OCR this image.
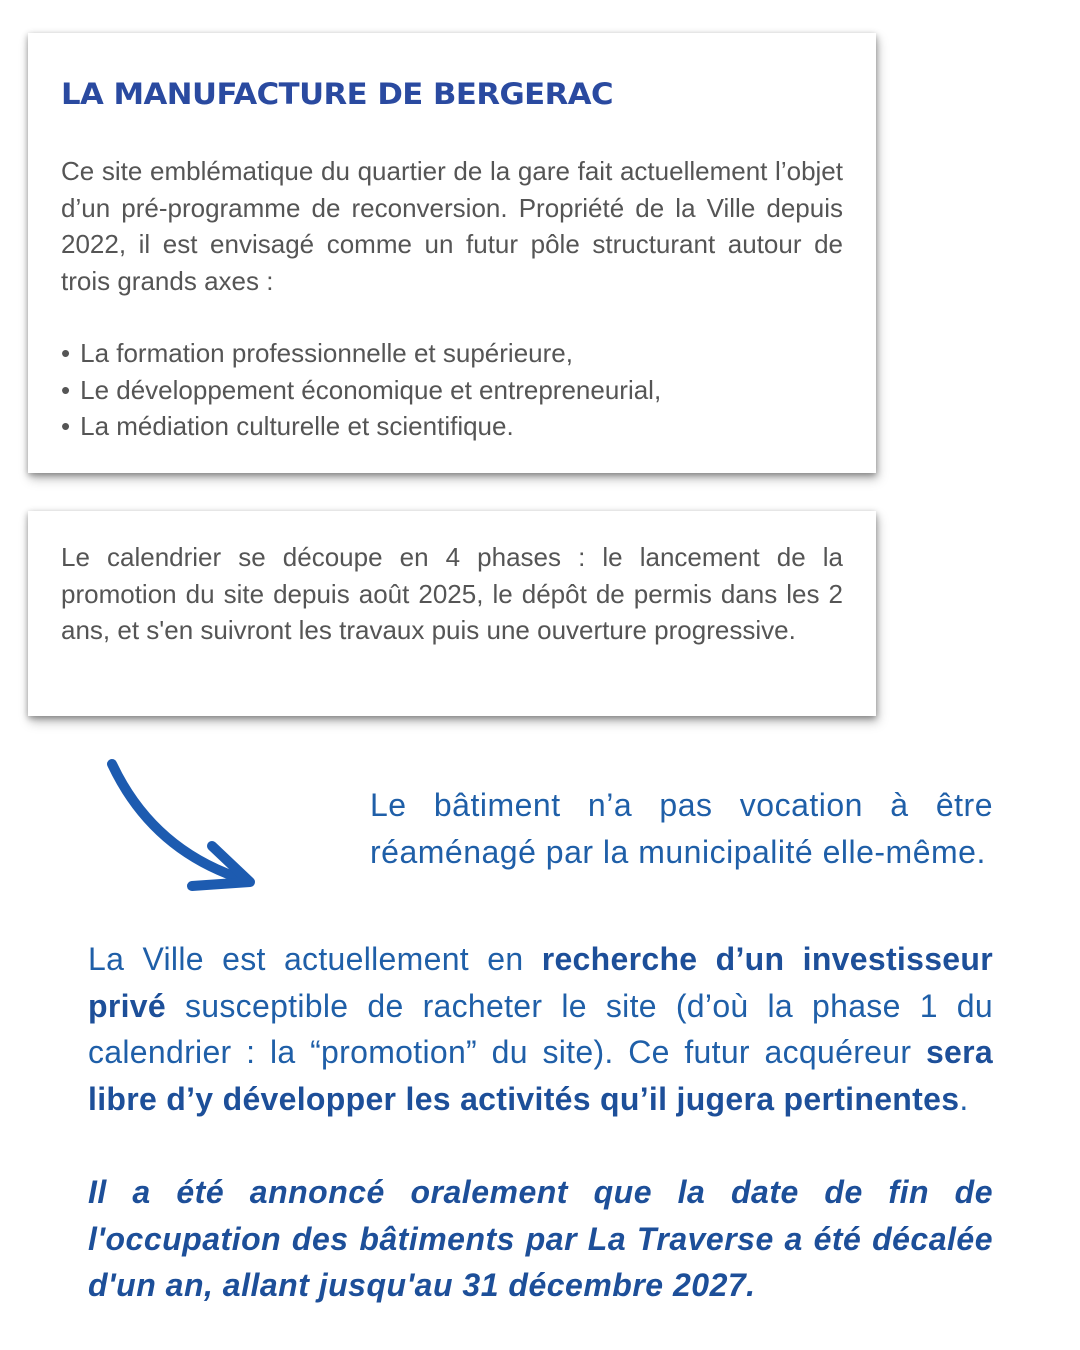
LA MANUFACTURE DE BERGERAC

Ce site emblématique du quartier de la gare fait actuellement l’objet d’un pré-programme de reconversion. Propriété de la Ville depuis 2022, il est envisagé comme un futur pôle structurant autour de trois grands axes :

• La formation professionnelle et supérieure,
• Le développement économique et entrepreneurial,
• La médiation culturelle et scientifique.

Le calendrier se découpe en 4 phases : le lancement de la promotion du site depuis août 2025, le dépôt de permis dans les 2 ans, et s'en suivront les travaux puis une ouverture progressive.

Le bâtiment n’a pas vocation à être réaménagé par la municipalité elle-même.

La Ville est actuellement en recherche d’un investisseur privé susceptible de racheter le site (d’où la phase 1 du calendrier : la “promotion” du site). Ce futur acquéreur sera libre d’y développer les activités qu’il jugera pertinentes.

Il a été annoncé oralement que la date de fin de l'occupation des bâtiments par La Traverse a été décalée d'un an, allant jusqu'au 31 décembre 2027.
